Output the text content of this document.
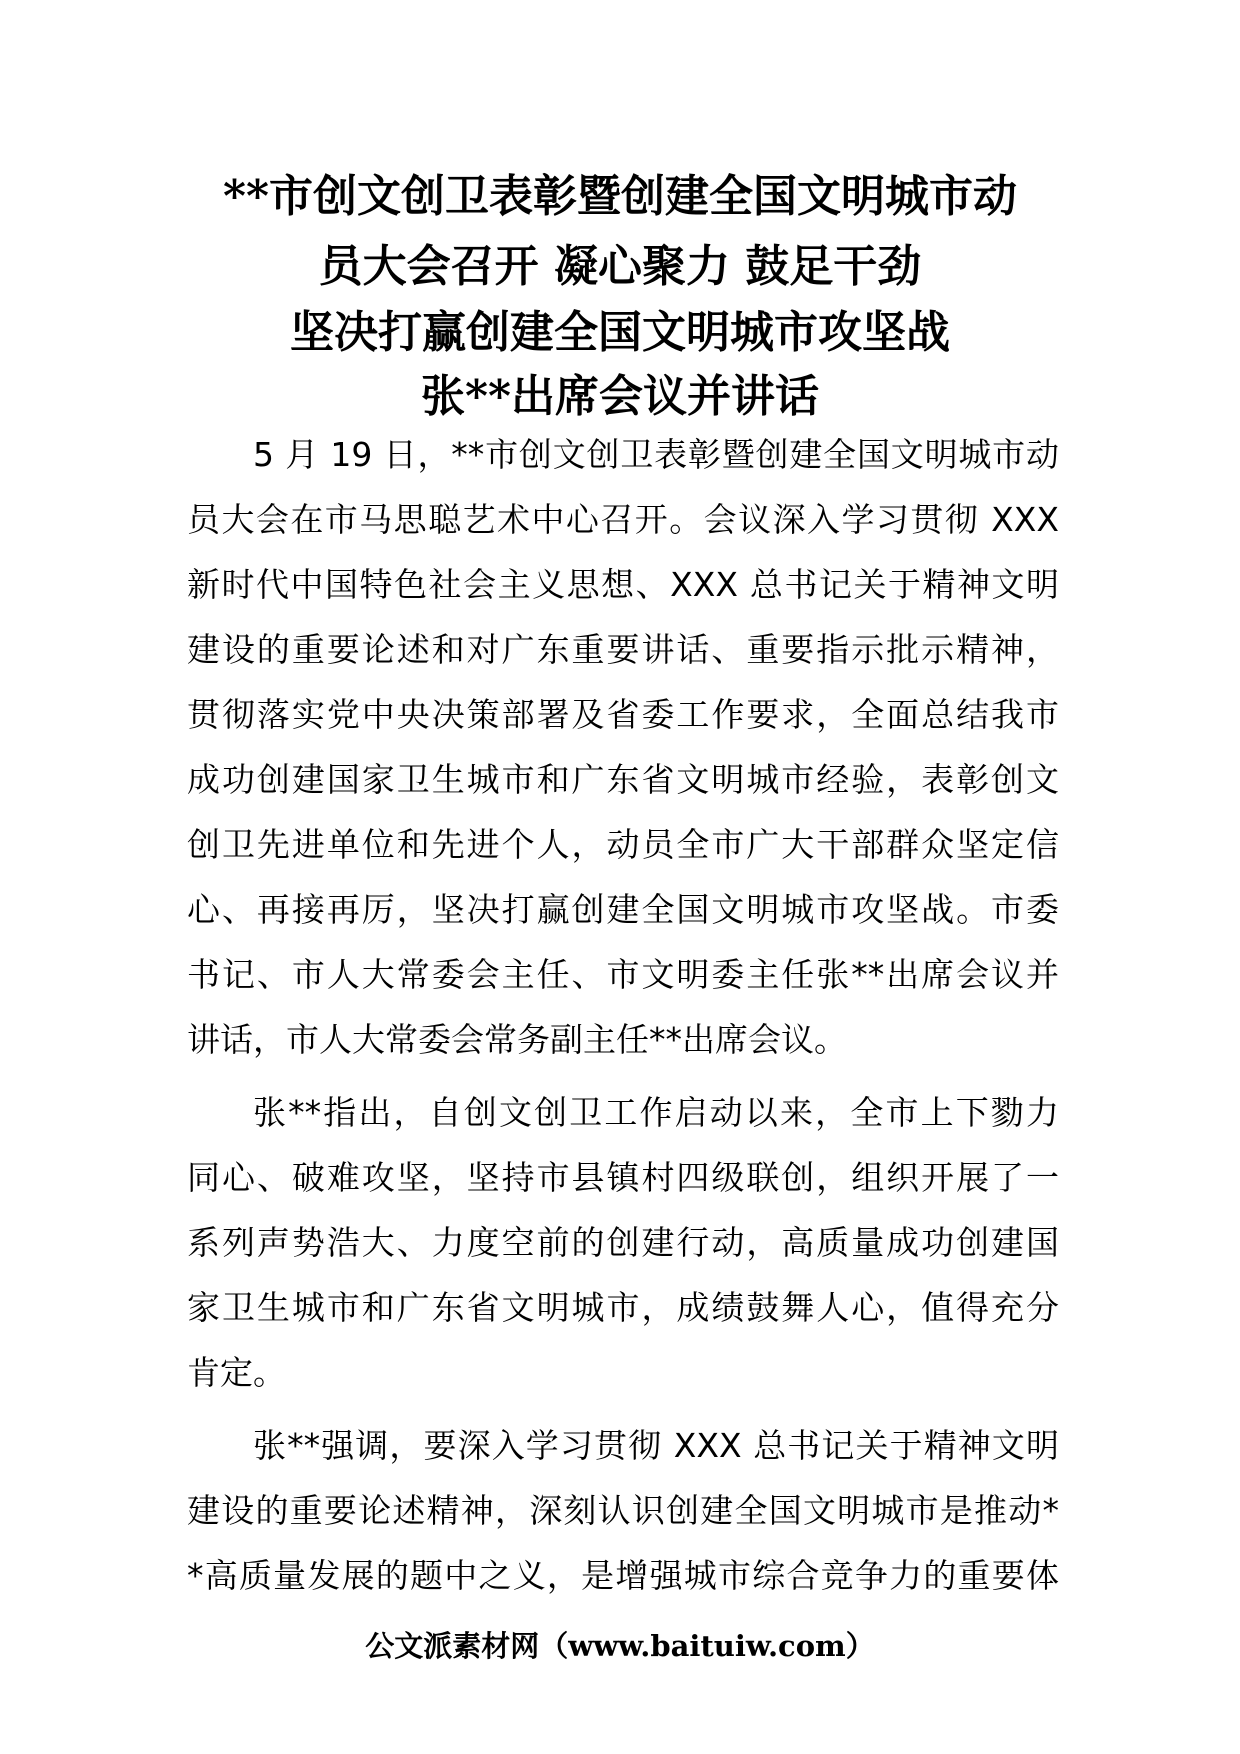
**市创文创卫表彰暨创建全国文明城市动
员大会召开 凝心聚力 鼓足干劲
坚决打赢创建全国文明城市攻坚战
张**出席会议并讲话
5 月 19 日，**市创文创卫表彰暨创建全国文明城市动
员大会在市马思聪艺术中心召开。会议深入学习贯彻 XXX
新时代中国特色社会主义思想、XXX 总书记关于精神文明
建设的重要论述和对广东重要讲话、重要指示批示精神，
贯彻落实党中央决策部署及省委工作要求，全面总结我市
成功创建国家卫生城市和广东省文明城市经验，表彰创文
创卫先进单位和先进个人，动员全市广大干部群众坚定信
心、再接再厉，坚决打赢创建全国文明城市攻坚战。市委
书记、市人大常委会主任、市文明委主任张**出席会议并
讲话，市人大常委会常务副主任**出席会议。
张**指出，自创文创卫工作启动以来，全市上下勠力
同心、破难攻坚，坚持市县镇村四级联创，组织开展了一
系列声势浩大、力度空前的创建行动，高质量成功创建国
家卫生城市和广东省文明城市，成绩鼓舞人心，值得充分
肯定。
张**强调，要深入学习贯彻 XXX 总书记关于精神文明
建设的重要论述精神，深刻认识创建全国文明城市是推动*
*高质量发展的题中之义，是增强城市综合竞争力的重要体
公文派素材网（www.baituiw.com）
